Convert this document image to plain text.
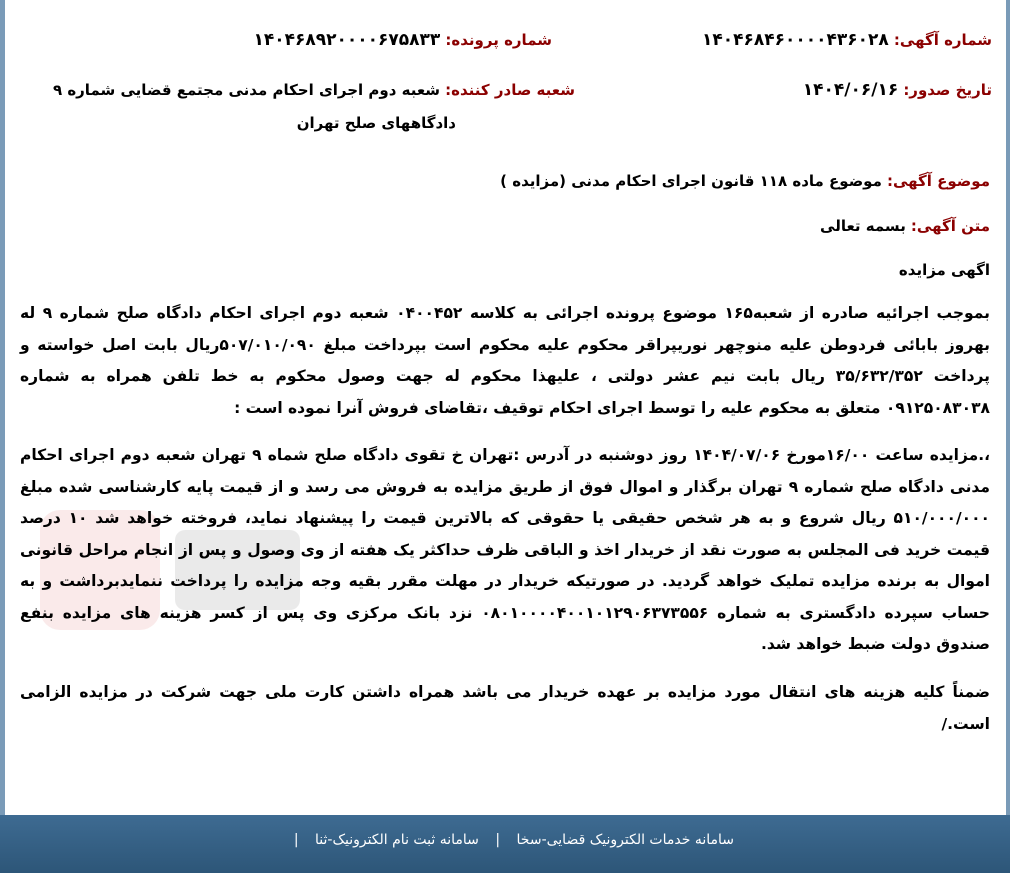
شماره آگهی: ۱۴۰۴۶۸۴۶۰۰۰۰۴۳۶۰۲۸
شماره پرونده: ۱۴۰۴۶۸۹۲۰۰۰۰۶۷۵۸۳۳
تاریخ صدور: ۱۴۰۴/۰۶/۱۶
شعبه صادر کننده: شعبه دوم اجرای احکام مدنی مجتمع قضایی شماره ۹
دادگاههای صلح تهران
موضوع آگهی: موضوع ماده ۱۱۸ قانون اجرای احکام مدنی (مزایده )
متن آگهی: بسمه تعالی
اگهی مزایده
بموجب اجرائیه صادره از شعبه۱۶۵ موضوع پرونده اجرائی به کلاسه ۰۴۰۰۴۵۲ شعبه دوم اجرای احکام دادگاه صلح شماره ۹ له بهروز بابائی فردوطن علیه منوچهر نوریپراقر محکوم علیه محکوم است بپرداخت مبلغ ۵۰۷/۰۱۰/۰۹۰ریال بابت اصل خواسته و پرداخت ۳۵/۶۳۲/۳۵۲ ریال بابت نیم عشر دولتی ، علیهذا محکوم له جهت وصول محکوم به خط تلفن همراه به شماره ۰۹۱۲۵۰۸۳۰۳۸ متعلق به محکوم علیه را توسط اجرای احکام توقیف ،تقاضای فروش آنرا نموده است :
،.مزایده ساعت ۱۶/۰۰مورخ ۱۴۰۴/۰۷/۰۶ روز دوشنبه در آدرس :تهران خ تقوی دادگاه صلح شماه ۹ تهران شعبه دوم اجرای احکام مدنی دادگاه صلح شماره ۹ تهران برگذار و اموال فوق از طریق مزایده به فروش می رسد و از قیمت پایه کارشناسی شده مبلغ ۵۱۰/۰۰۰/۰۰۰ ریال شروع و به هر شخص حقیقی یا حقوقی که بالاترین قیمت را پیشنهاد نماید، فروخته خواهد شد ۱۰ درصد قیمت خرید فی المجلس به صورت نقد از خریدار اخذ و الباقی ظرف حداکثر یک هفته از وی وصول و پس از انجام مراحل قانونی اموال به برنده مزایده تملیک خواهد گردید. در صورتیکه خریدار در مهلت مقرر بقیه وجه مزایده را پرداخت ننمایدبرداشت و به حساب سپرده دادگستری به شماره ۰۸۰۱۰۰۰۰۴۰۰۱۰۱۲۹۰۶۳۷۳۵۵۶ نزد بانک مرکزی وی پس از کسر هزینه های مزایده بنفع صندوق دولت ضبط خواهد شد.
ضمناً کلیه هزینه های انتقال مورد مزایده بر عهده خریدار می باشد همراه داشتن کارت ملی جهت شرکت در مزایده الزامی است./
سامانه خدمات الکترونیک قضایی-سخا | سامانه ثبت نام الکترونیک-ثنا |
